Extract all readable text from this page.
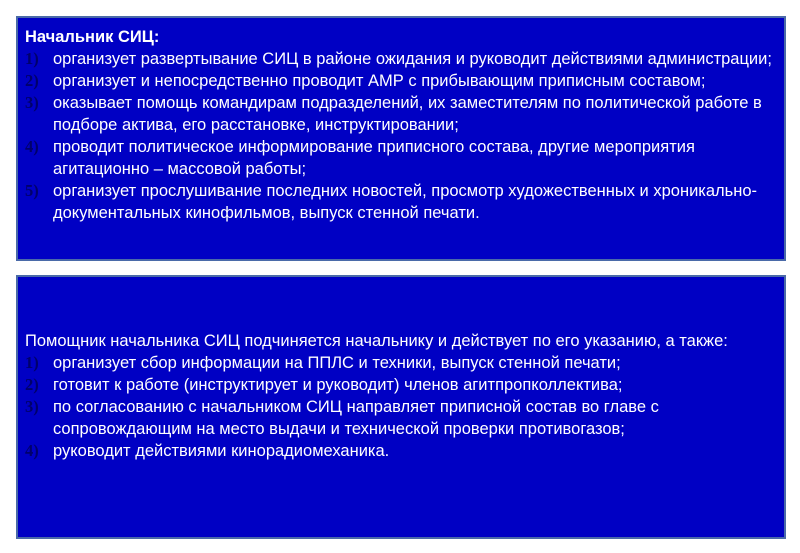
Начальник СИЦ:
1) организует развертывание СИЦ в районе ожидания и руководит действиями администрации;
2) организует и непосредственно проводит АМР с прибывающим приписным составом;
3) оказывает помощь командирам подразделений, их заместителям по политической работе в подборе актива, его расстановке, инструктировании;
4) проводит политическое информирование приписного состава, другие мероприятия агитационно – массовой работы;
5) организует прослушивание последних новостей, просмотр художественных и хроникально-документальных кинофильмов, выпуск стенной печати.
Помощник начальника СИЦ подчиняется начальнику и действует по его указанию, а также:
1) организует сбор информации на ППЛС и техники, выпуск стенной печати;
2) готовит к работе (инструктирует и руководит) членов агитпропколлектива;
3) по согласованию с начальником СИЦ направляет приписной состав во главе с сопровождающим на место выдачи и технической проверки противогазов;
4) руководит действиями кинорадиомеханика.
